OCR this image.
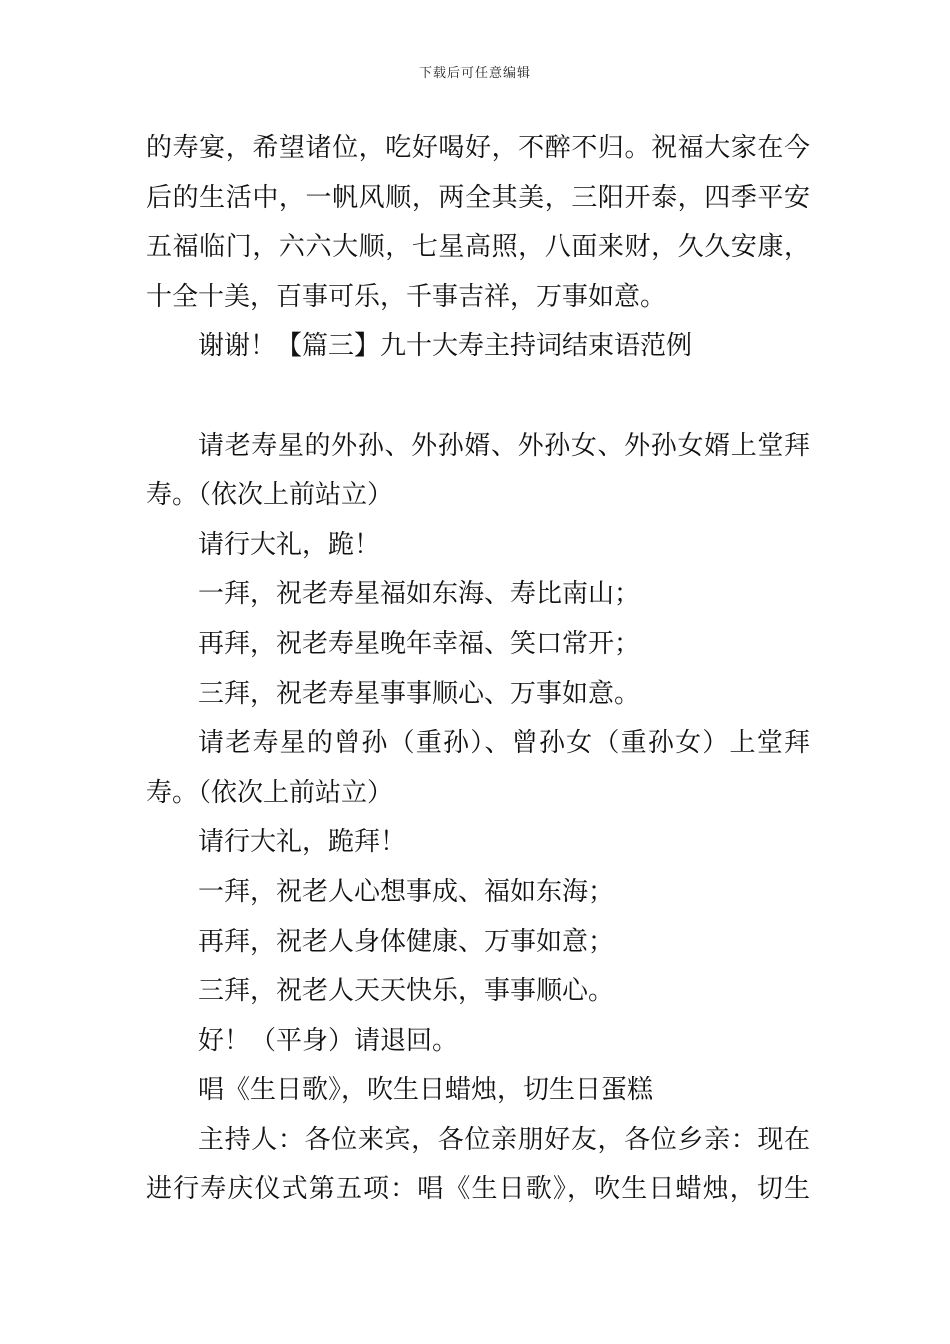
下载后可任意编辑
的寿宴，希望诸位，吃好喝好，不醉不归。祝福大家在今
后的生活中，一帆风顺，两全其美，三阳开泰，四季平安
五福临门，六六大顺，七星高照，八面来财，久久安康，
十全十美，百事可乐，千事吉祥，万事如意。
谢谢！【篇三】九十大寿主持词结束语范例
请老寿星的外孙、外孙婿、外孙女、外孙女婿上堂拜
寿。（依次上前站立）
请行大礼，跪！
一拜，祝老寿星福如东海、寿比南山；
再拜，祝老寿星晚年幸福、笑口常开；
三拜，祝老寿星事事顺心、万事如意。
请老寿星的曾孙（重孙）、曾孙女（重孙女）上堂拜
寿。（依次上前站立）
请行大礼，跪拜！
一拜，祝老人心想事成、福如东海；
再拜，祝老人身体健康、万事如意；
三拜，祝老人天天快乐，事事顺心。
好！（平身）请退回。
唱《生日歌》，吹生日蜡烛，切生日蛋糕
主持人：各位来宾，各位亲朋好友，各位乡亲：现在
进行寿庆仪式第五项：唱《生日歌》，吹生日蜡烛，切生
